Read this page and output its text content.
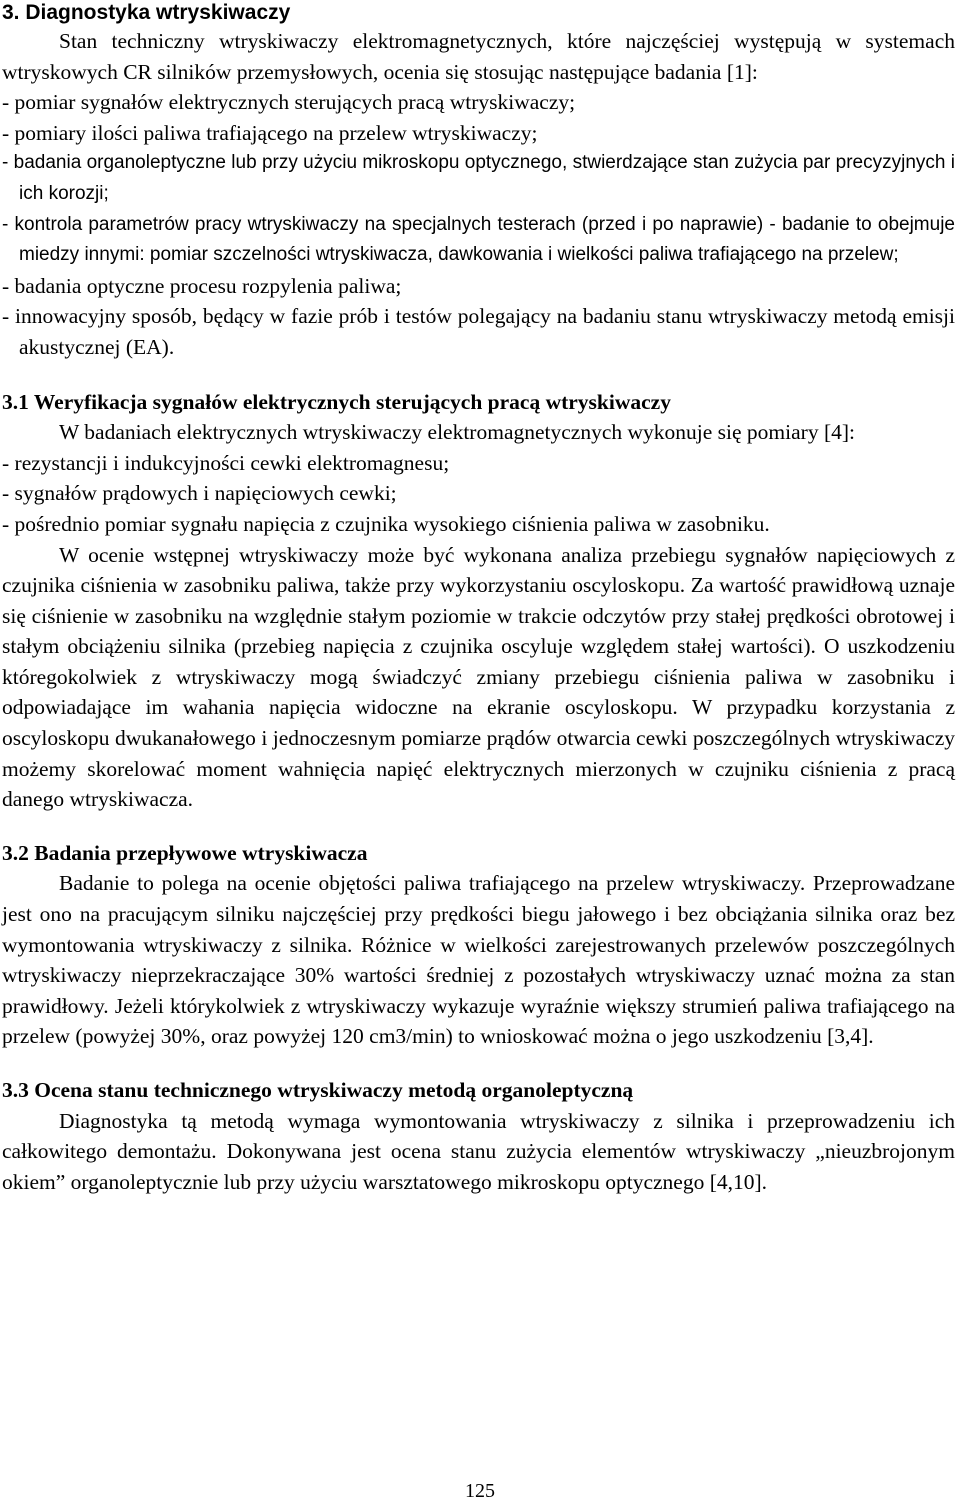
3. Diagnostyka wtryskiwaczy

Stan techniczny wtryskiwaczy elektromagnetycznych, które najczęściej występują w systemach wtryskowych CR silników przemysłowych, ocenia się stosując następujące badania [1]:

- pomiar sygnałów elektrycznych sterujących pracą wtryskiwaczy;
- pomiary ilości paliwa trafiającego na przelew wtryskiwaczy;
- badania organoleptyczne lub przy użyciu mikroskopu optycznego, stwierdzające stan zużycia par precyzyjnych i ich korozji;
- kontrola parametrów pracy wtryskiwaczy na specjalnych testerach (przed i po naprawie) - badanie to obejmuje miedzy innymi: pomiar szczelności wtryskiwacza, dawkowania i wielkości paliwa trafiającego na przelew;
- badania optyczne procesu rozpylenia paliwa;
- innowacyjny sposób, będący w fazie prób i testów polegający na badaniu stanu wtryskiwaczy metodą emisji akustycznej (EA).
3.1 Weryfikacja sygnałów elektrycznych sterujących pracą wtryskiwaczy

W badaniach elektrycznych wtryskiwaczy elektromagnetycznych wykonuje się pomiary [4]:

- rezystancji i indukcyjności cewki elektromagnesu;
- sygnałów prądowych i napięciowych cewki;
- pośrednio pomiar sygnału napięcia z czujnika wysokiego ciśnienia paliwa w zasobniku.

W ocenie wstępnej wtryskiwaczy może być wykonana analiza przebiegu sygnałów napięciowych z czujnika ciśnienia w zasobniku paliwa, także przy wykorzystaniu oscyloskopu. Za wartość prawidłową uznaje się ciśnienie w zasobniku na względnie stałym poziomie w trakcie odczytów przy stałej prędkości obrotowej i stałym obciążeniu silnika (przebieg napięcia z czujnika oscyluje względem stałej wartości). O uszkodzeniu któregokolwiek z wtryskiwaczy mogą świadczyć zmiany przebiegu ciśnienia paliwa w zasobniku i odpowiadające im wahania napięcia widoczne na ekranie oscyloskopu. W przypadku korzystania z oscyloskopu dwukanałowego i jednoczesnym pomiarze prądów otwarcia cewki poszczególnych wtryskiwaczy możemy skorelować moment wahnięcia napięć elektrycznych mierzonych w czujniku ciśnienia z pracą danego wtryskiwacza.

3.2 Badania przepływowe wtryskiwacza

Badanie to polega na ocenie objętości paliwa trafiającego na przelew wtryskiwaczy. Przeprowadzane jest ono na pracującym silniku najczęściej przy prędkości biegu jałowego i bez obciążania silnika oraz bez wymontowania wtryskiwaczy z silnika. Różnice w wielkości zarejestrowanych przelewów poszczególnych wtryskiwaczy nieprzekraczające 30% wartości średniej z pozostałych wtryskiwaczy uznać można za stan prawidłowy. Jeżeli którykolwiek z wtryskiwaczy wykazuje wyraźnie większy strumień paliwa trafiającego na przelew (powyżej 30%, oraz powyżej 120 cm3/min) to wnioskować można o jego uszkodzeniu [3,4].

3.3 Ocena stanu technicznego wtryskiwaczy metodą organoleptyczną

Diagnostyka tą metodą wymaga wymontowania wtryskiwaczy z silnika i przeprowadzeniu ich całkowitego demontażu. Dokonywana jest ocena stanu zużycia elementów wtryskiwaczy „nieuzbrojonym okiem” organoleptycznie lub przy użyciu warsztatowego mikroskopu optycznego [4,10].

125
